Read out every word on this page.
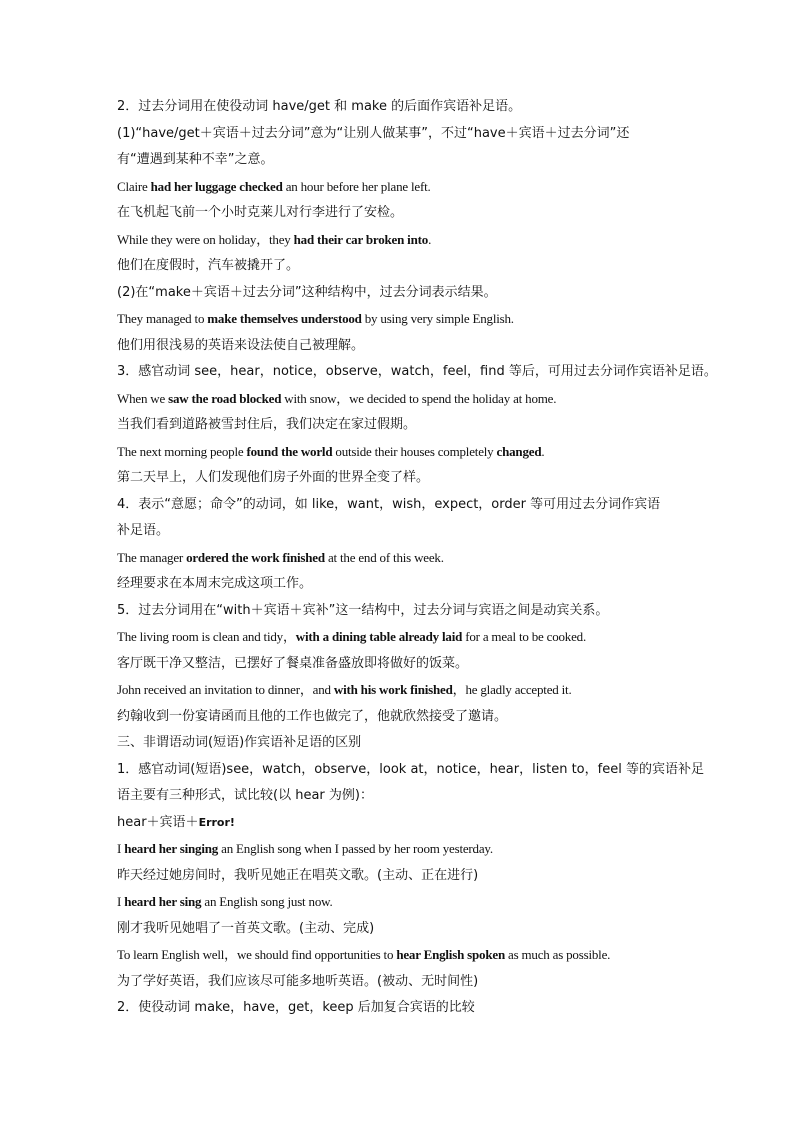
2．过去分词用在使役动词 have/get 和 make 的后面作宾语补足语。
(1)“have/get＋宾语＋过去分词”意为“让别人做某事”，不过“have＋宾语＋过去分词”还
有“遭遇到某种不幸”之意。
Claire had her luggage checked an hour before her plane left.
在飞机起飞前一个小时克莱儿对行李进行了安检。
While they were on holiday，they had their car broken into.
他们在度假时，汽车被撬开了。
(2)在“make＋宾语＋过去分词”这种结构中，过去分词表示结果。
They managed to make themselves understood by using very simple English.
他们用很浅易的英语来设法使自己被理解。
3．感官动词 see，hear，notice，observe，watch，feel，find 等后，可用过去分词作宾语补足语。
When we saw the road blocked with snow，we decided to spend the holiday at home.
当我们看到道路被雪封住后，我们决定在家过假期。
The next morning people found the world outside their houses completely changed.
第二天早上，人们发现他们房子外面的世界全变了样。
4．表示“意愿；命令”的动词，如 like，want，wish，expect，order 等可用过去分词作宾语
补足语。
The manager ordered the work finished at the end of this week.
经理要求在本周末完成这项工作。
5．过去分词用在“with＋宾语＋宾补”这一结构中，过去分词与宾语之间是动宾关系。
The living room is clean and tidy，with a dining table already laid for a meal to be cooked.
客厅既干净又整洁，已摆好了餐桌准备盛放即将做好的饭菜。
John received an invitation to dinner，and with his work finished，he gladly accepted it.
约翰收到一份宴请函而且他的工作也做完了，他就欣然接受了邀请。
三、非谓语动词(短语)作宾语补足语的区别
1．感官动词(短语)see，watch，observe，look at，notice，hear，listen to，feel 等的宾语补足
语主要有三种形式，试比较(以 hear 为例)：
hear＋宾语＋Error!
I heard her singing an English song when I passed by her room yesterday.
昨天经过她房间时，我听见她正在唱英文歌。(主动、正在进行)
I heard her sing an English song just now.
刚才我听见她唱了一首英文歌。(主动、完成)
To learn English well，we should find opportunities to hear English spoken as much as possible.
为了学好英语，我们应该尽可能多地听英语。(被动、无时间性)
2．使役动词 make，have，get，keep 后加复合宾语的比较
